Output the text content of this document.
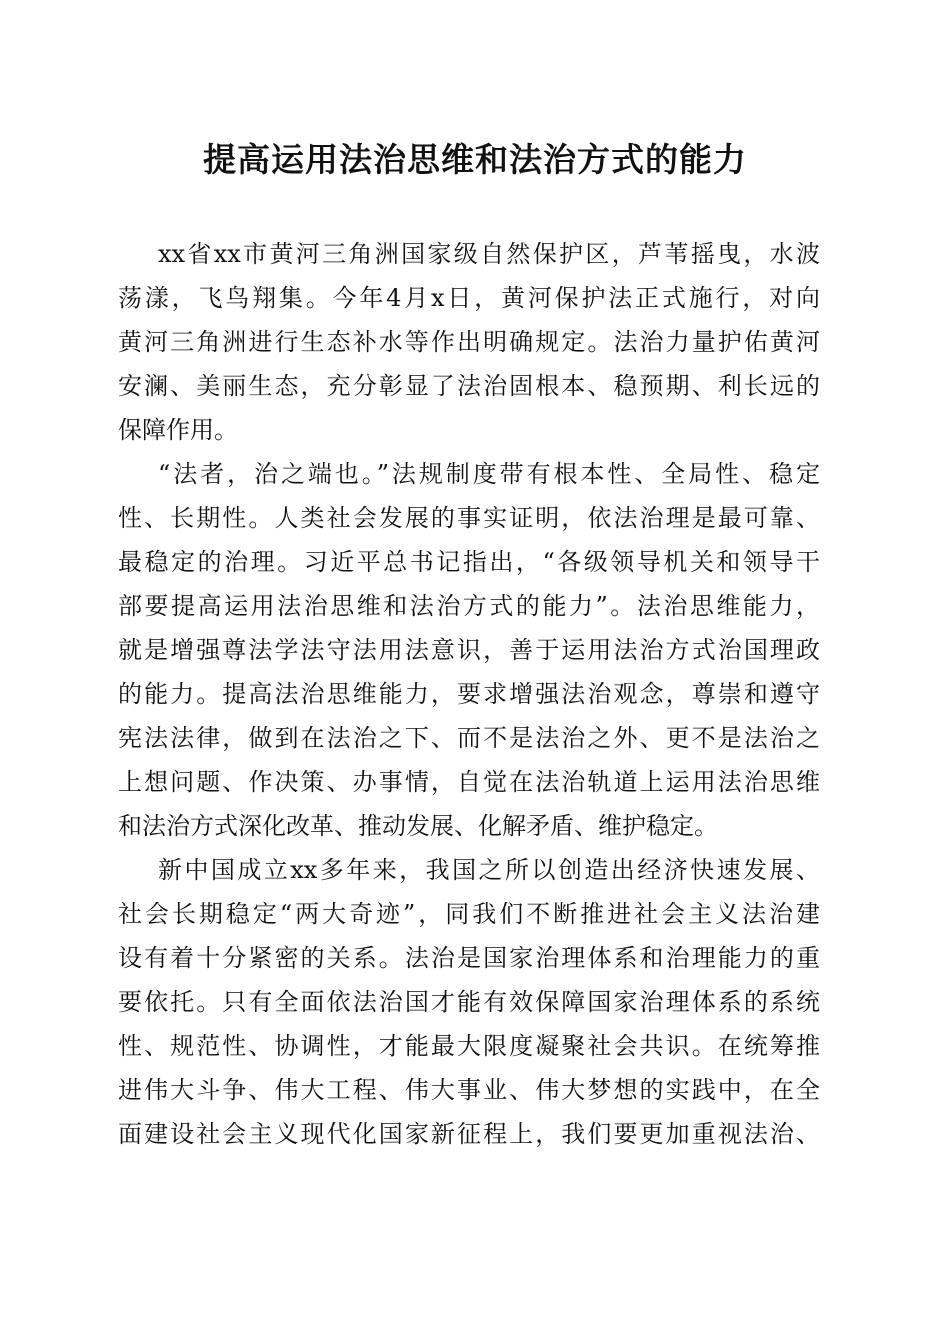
提高运用法治思维和法治方式的能力
xx省xx市黄河三角洲国家级自然保护区，芦苇摇曳，水波
荡漾，飞鸟翔集。今年4月x日，黄河保护法正式施行，对向
黄河三角洲进行生态补水等作出明确规定。法治力量护佑黄河
安澜、美丽生态，充分彰显了法治固根本、稳预期、利长远的
保障作用。
“法者，治之端也。”法规制度带有根本性、全局性、稳定
性、长期性。人类社会发展的事实证明，依法治理是最可靠、
最稳定的治理。习近平总书记指出，“各级领导机关和领导干
部要提高运用法治思维和法治方式的能力”。法治思维能力，
就是增强尊法学法守法用法意识，善于运用法治方式治国理政
的能力。提高法治思维能力，要求增强法治观念，尊崇和遵守
宪法法律，做到在法治之下、而不是法治之外、更不是法治之
上想问题、作决策、办事情，自觉在法治轨道上运用法治思维
和法治方式深化改革、推动发展、化解矛盾、维护稳定。
新中国成立xx多年来，我国之所以创造出经济快速发展、
社会长期稳定“两大奇迹”，同我们不断推进社会主义法治建
设有着十分紧密的关系。法治是国家治理体系和治理能力的重
要依托。只有全面依法治国才能有效保障国家治理体系的系统
性、规范性、协调性，才能最大限度凝聚社会共识。在统筹推
进伟大斗争、伟大工程、伟大事业、伟大梦想的实践中，在全
面建设社会主义现代化国家新征程上，我们要更加重视法治、
